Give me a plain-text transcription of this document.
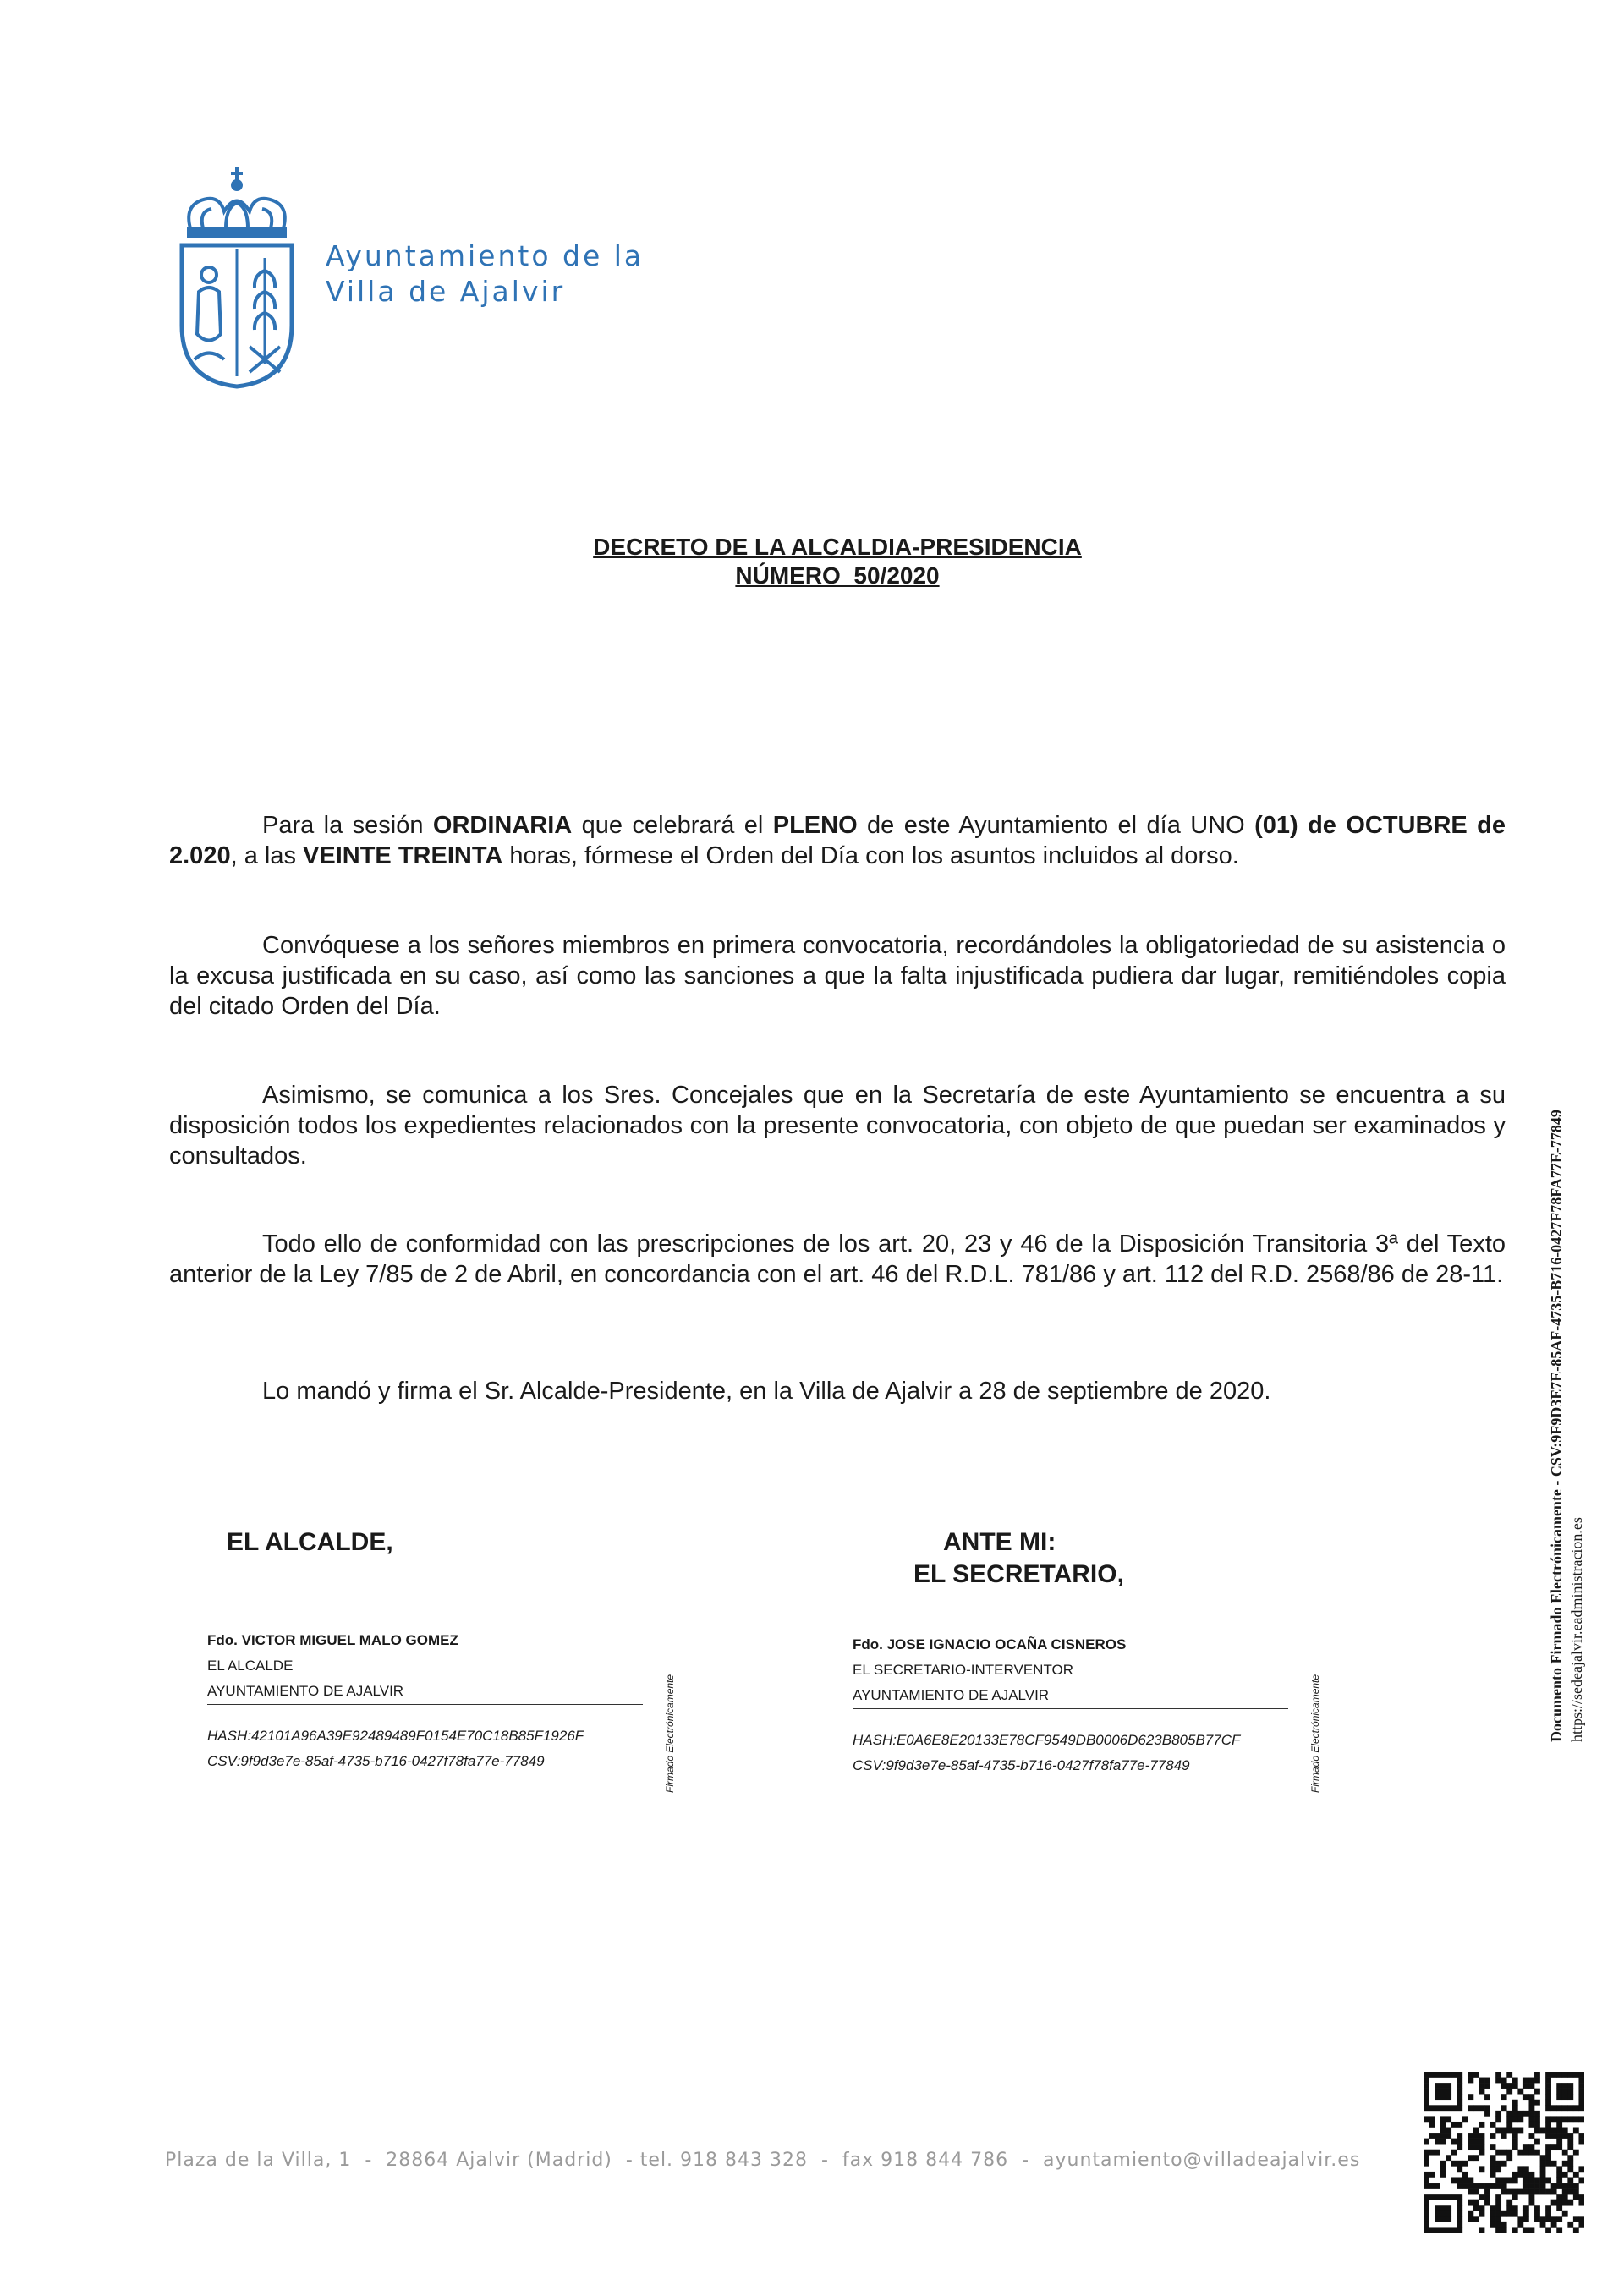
Ayuntamiento de la
Villa de Ajalvir
DECRETO DE LA ALCALDIA-PRESIDENCIA
NÚMERO  50/2020
Para la sesión ORDINARIA que celebrará el PLENO de este Ayuntamiento el día UNO (01) de OCTUBRE de 2.020, a las VEINTE TREINTA horas, fórmese el Orden del Día con los asuntos incluidos al dorso.
Convóquese a los señores miembros en primera convocatoria, recordándoles la obligatoriedad de su asistencia o la excusa justificada en su caso, así como las sanciones a que la falta injustificada pudiera dar lugar, remitiéndoles copia del citado Orden del Día.
Asimismo, se comunica a los Sres. Concejales que en la Secretaría de este Ayuntamiento se encuentra a su disposición todos los expedientes relacionados con la presente convocatoria, con objeto de que puedan ser examinados y consultados.
Todo ello de conformidad con las prescripciones de los art. 20, 23 y 46 de la Disposición Transitoria 3ª del Texto anterior de la Ley 7/85 de 2 de Abril, en concordancia con el art. 46 del R.D.L. 781/86 y art. 112 del R.D. 2568/86 de 28-11.
Lo mandó y firma el Sr. Alcalde-Presidente, en la Villa de Ajalvir a 28 de septiembre de 2020.
EL ALCALDE,
Fdo. VICTOR MIGUEL MALO GOMEZ
EL ALCALDE
AYUNTAMIENTO DE AJALVIR
HASH:42101A96A39E92489489F0154E70C18B85F1926F
CSV:9f9d3e7e-85af-4735-b716-0427f78fa77e-77849	Firmado Electrónicamente
ANTE MI:
EL SECRETARIO,
Fdo. JOSE IGNACIO OCAÑA CISNEROS
EL SECRETARIO-INTERVENTOR
AYUNTAMIENTO DE AJALVIR
HASH:E0A6E8E20133E78CF9549DB0006D623B805B77CF
CSV:9f9d3e7e-85af-4735-b716-0427f78fa77e-77849	Firmado Electrónicamente	Documento Firmado Electrónicamente - CSV:9F9D3E7E-85AF-4735-B716-0427F78FA77E-77849 https://sedeajalvir.eadministracion.es
Plaza de la Villa, 1  -  28864 Ajalvir (Madrid)  - tel. 918 843 328  -  fax 918 844 786  -  ayuntamiento@villadeajalvir.es
